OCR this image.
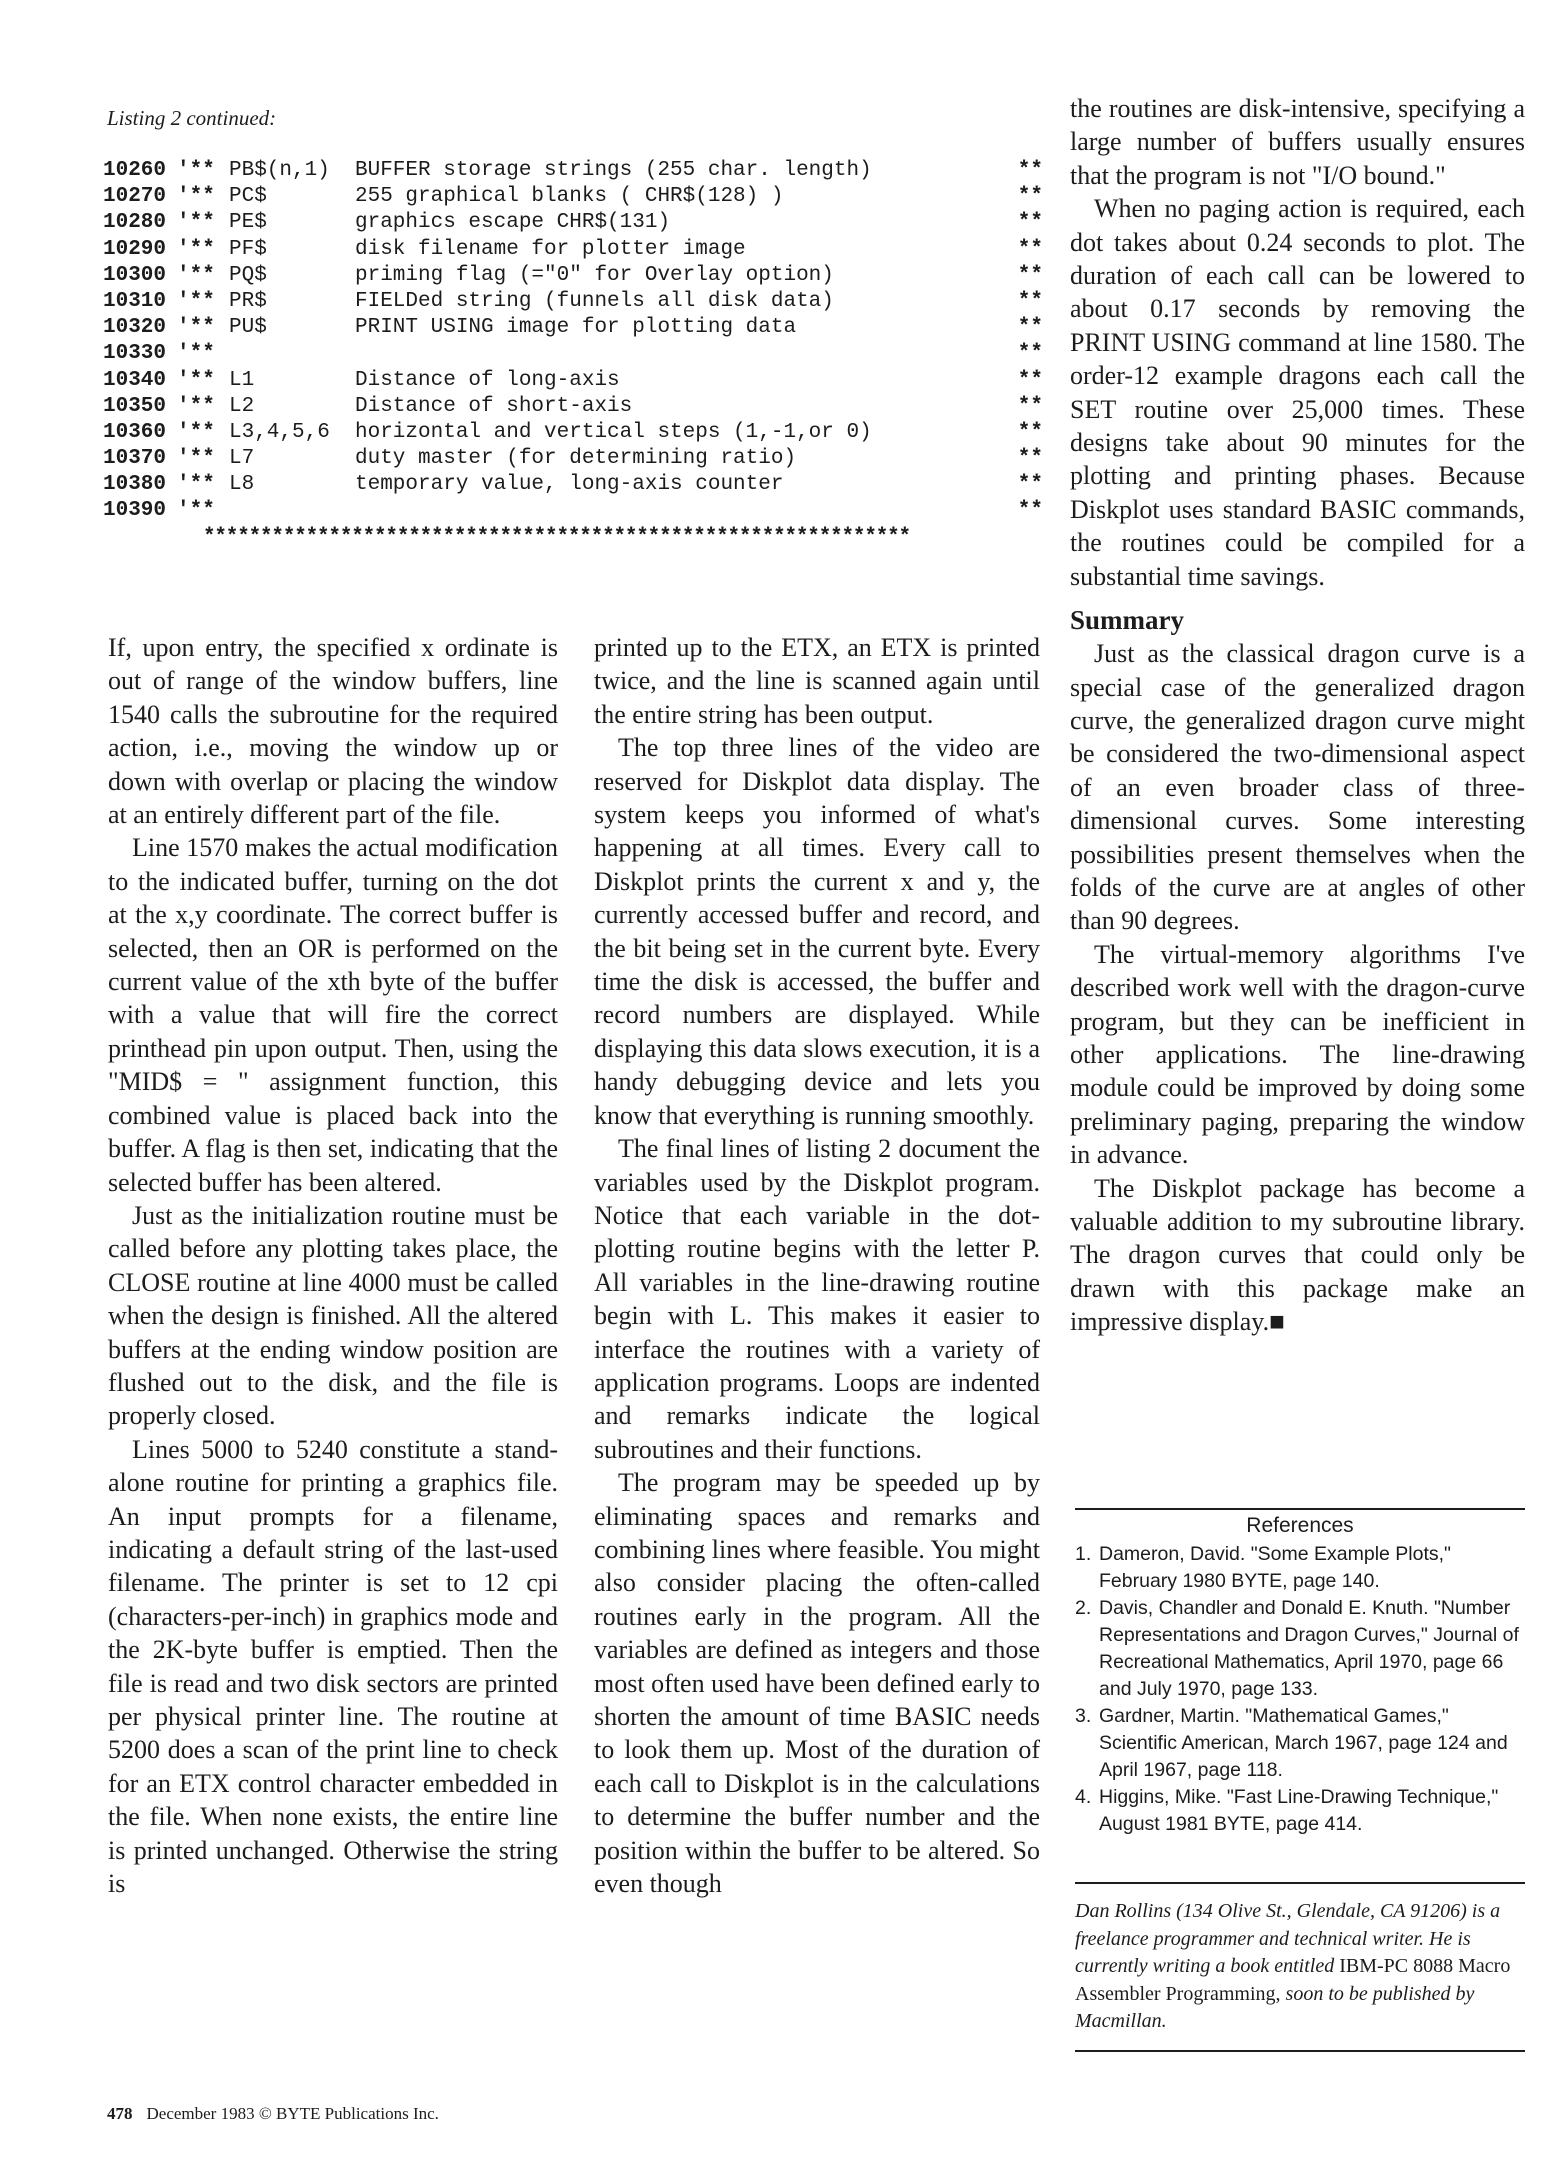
Listing 2 continued:
10260 '** PB$(n,1)	BUFFER storage strings (255 char. length)	**
10270 '** PC$	255 graphical blanks ( CHR$(128) )	**
10280 '** PE$	graphics escape CHR$(131)	**
10290 '** PF$	disk filename for plotter image	**
10300 '** PQ$	priming flag (="0" for Overlay option)	**
10310 '** PR$	FIELDed string (funnels all disk data)	**
10320 '** PU$	PRINT USING image for plotting data	**
10330 '**	**
10340 '** L1	Distance of long-axis	**
10350 '** L2	Distance of short-axis	**
10360 '** L3,4,5,6	horizontal and vertical steps (1,-1,or 0)	**
10370 '** L7	duty master (for determining ratio)	**
10380 '** L8	temporary value, long-axis counter	**
10390 '**	**
**************************************************************

If, upon entry, the specified x ordinate is out of range of the window buffers, line 1540 calls the subroutine for the required action, i.e., moving the window up or down with overlap or placing the window at an entirely different part of the file.

Line 1570 makes the actual modification to the indicated buffer, turning on the dot at the x,y coordinate. The correct buffer is selected, then an OR is performed on the current value of the xth byte of the buffer with a value that will fire the correct printhead pin upon output. Then, using the "MID$ = " assignment function, this combined value is placed back into the buffer. A flag is then set, indicating that the selected buffer has been altered.

Just as the initialization routine must be called before any plotting takes place, the CLOSE routine at line 4000 must be called when the design is finished. All the altered buffers at the ending window position are flushed out to the disk, and the file is properly closed.

Lines 5000 to 5240 constitute a stand-alone routine for printing a graphics file. An input prompts for a filename, indicating a default string of the last-used filename. The printer is set to 12 cpi (characters-per-inch) in graphics mode and the 2K-byte buffer is emptied. Then the file is read and two disk sectors are printed per physical printer line. The routine at 5200 does a scan of the print line to check for an ETX control character embedded in the file. When none exists, the entire line is printed unchanged. Otherwise the string is

printed up to the ETX, an ETX is printed twice, and the line is scanned again until the entire string has been output.

The top three lines of the video are reserved for Diskplot data display. The system keeps you informed of what's happening at all times. Every call to Diskplot prints the current x and y, the currently accessed buffer and record, and the bit being set in the current byte. Every time the disk is accessed, the buffer and record numbers are displayed. While displaying this data slows execution, it is a handy debugging device and lets you know that everything is running smoothly.

The final lines of listing 2 document the variables used by the Diskplot program. Notice that each variable in the dot-plotting routine begins with the letter P. All variables in the line-drawing routine begin with L. This makes it easier to interface the routines with a variety of application programs. Loops are indented and remarks indicate the logical subroutines and their functions.

The program may be speeded up by eliminating spaces and remarks and combining lines where feasible. You might also consider placing the often-called routines early in the program. All the variables are defined as integers and those most often used have been defined early to shorten the amount of time BASIC needs to look them up. Most of the duration of each call to Diskplot is in the calculations to determine the buffer number and the position within the buffer to be altered. So even though

the routines are disk-intensive, specifying a large number of buffers usually ensures that the program is not "I/O bound."

When no paging action is required, each dot takes about 0.24 seconds to plot. The duration of each call can be lowered to about 0.17 seconds by removing the PRINT USING command at line 1580. The order-12 example dragons each call the SET routine over 25,000 times. These designs take about 90 minutes for the plotting and printing phases. Because Diskplot uses standard BASIC commands, the routines could be compiled for a substantial time savings.

Summary

Just as the classical dragon curve is a special case of the generalized dragon curve, the generalized dragon curve might be considered the two-dimensional aspect of an even broader class of three-dimensional curves. Some interesting possibilities present themselves when the folds of the curve are at angles of other than 90 degrees.

The virtual-memory algorithms I've described work well with the dragon-curve program, but they can be inefficient in other applications. The line-drawing module could be improved by doing some preliminary paging, preparing the window in advance.

The Diskplot package has become a valuable addition to my subroutine library. The dragon curves that could only be drawn with this package make an impressive display.■

References
1. Dameron, David. "Some Example Plots," February 1980 BYTE, page 140.
2. Davis, Chandler and Donald E. Knuth. "Number Representations and Dragon Curves," Journal of Recreational Mathematics, April 1970, page 66 and July 1970, page 133.
3. Gardner, Martin. "Mathematical Games," Scientific American, March 1967, page 124 and April 1967, page 118.
4. Higgins, Mike. "Fast Line-Drawing Technique," August 1981 BYTE, page 414.
Dan Rollins (134 Olive St., Glendale, CA 91206) is a freelance programmer and technical writer. He is currently writing a book entitled IBM-PC 8088 Macro Assembler Programming, soon to be published by Macmillan.
478 December 1983 © BYTE Publications Inc.
